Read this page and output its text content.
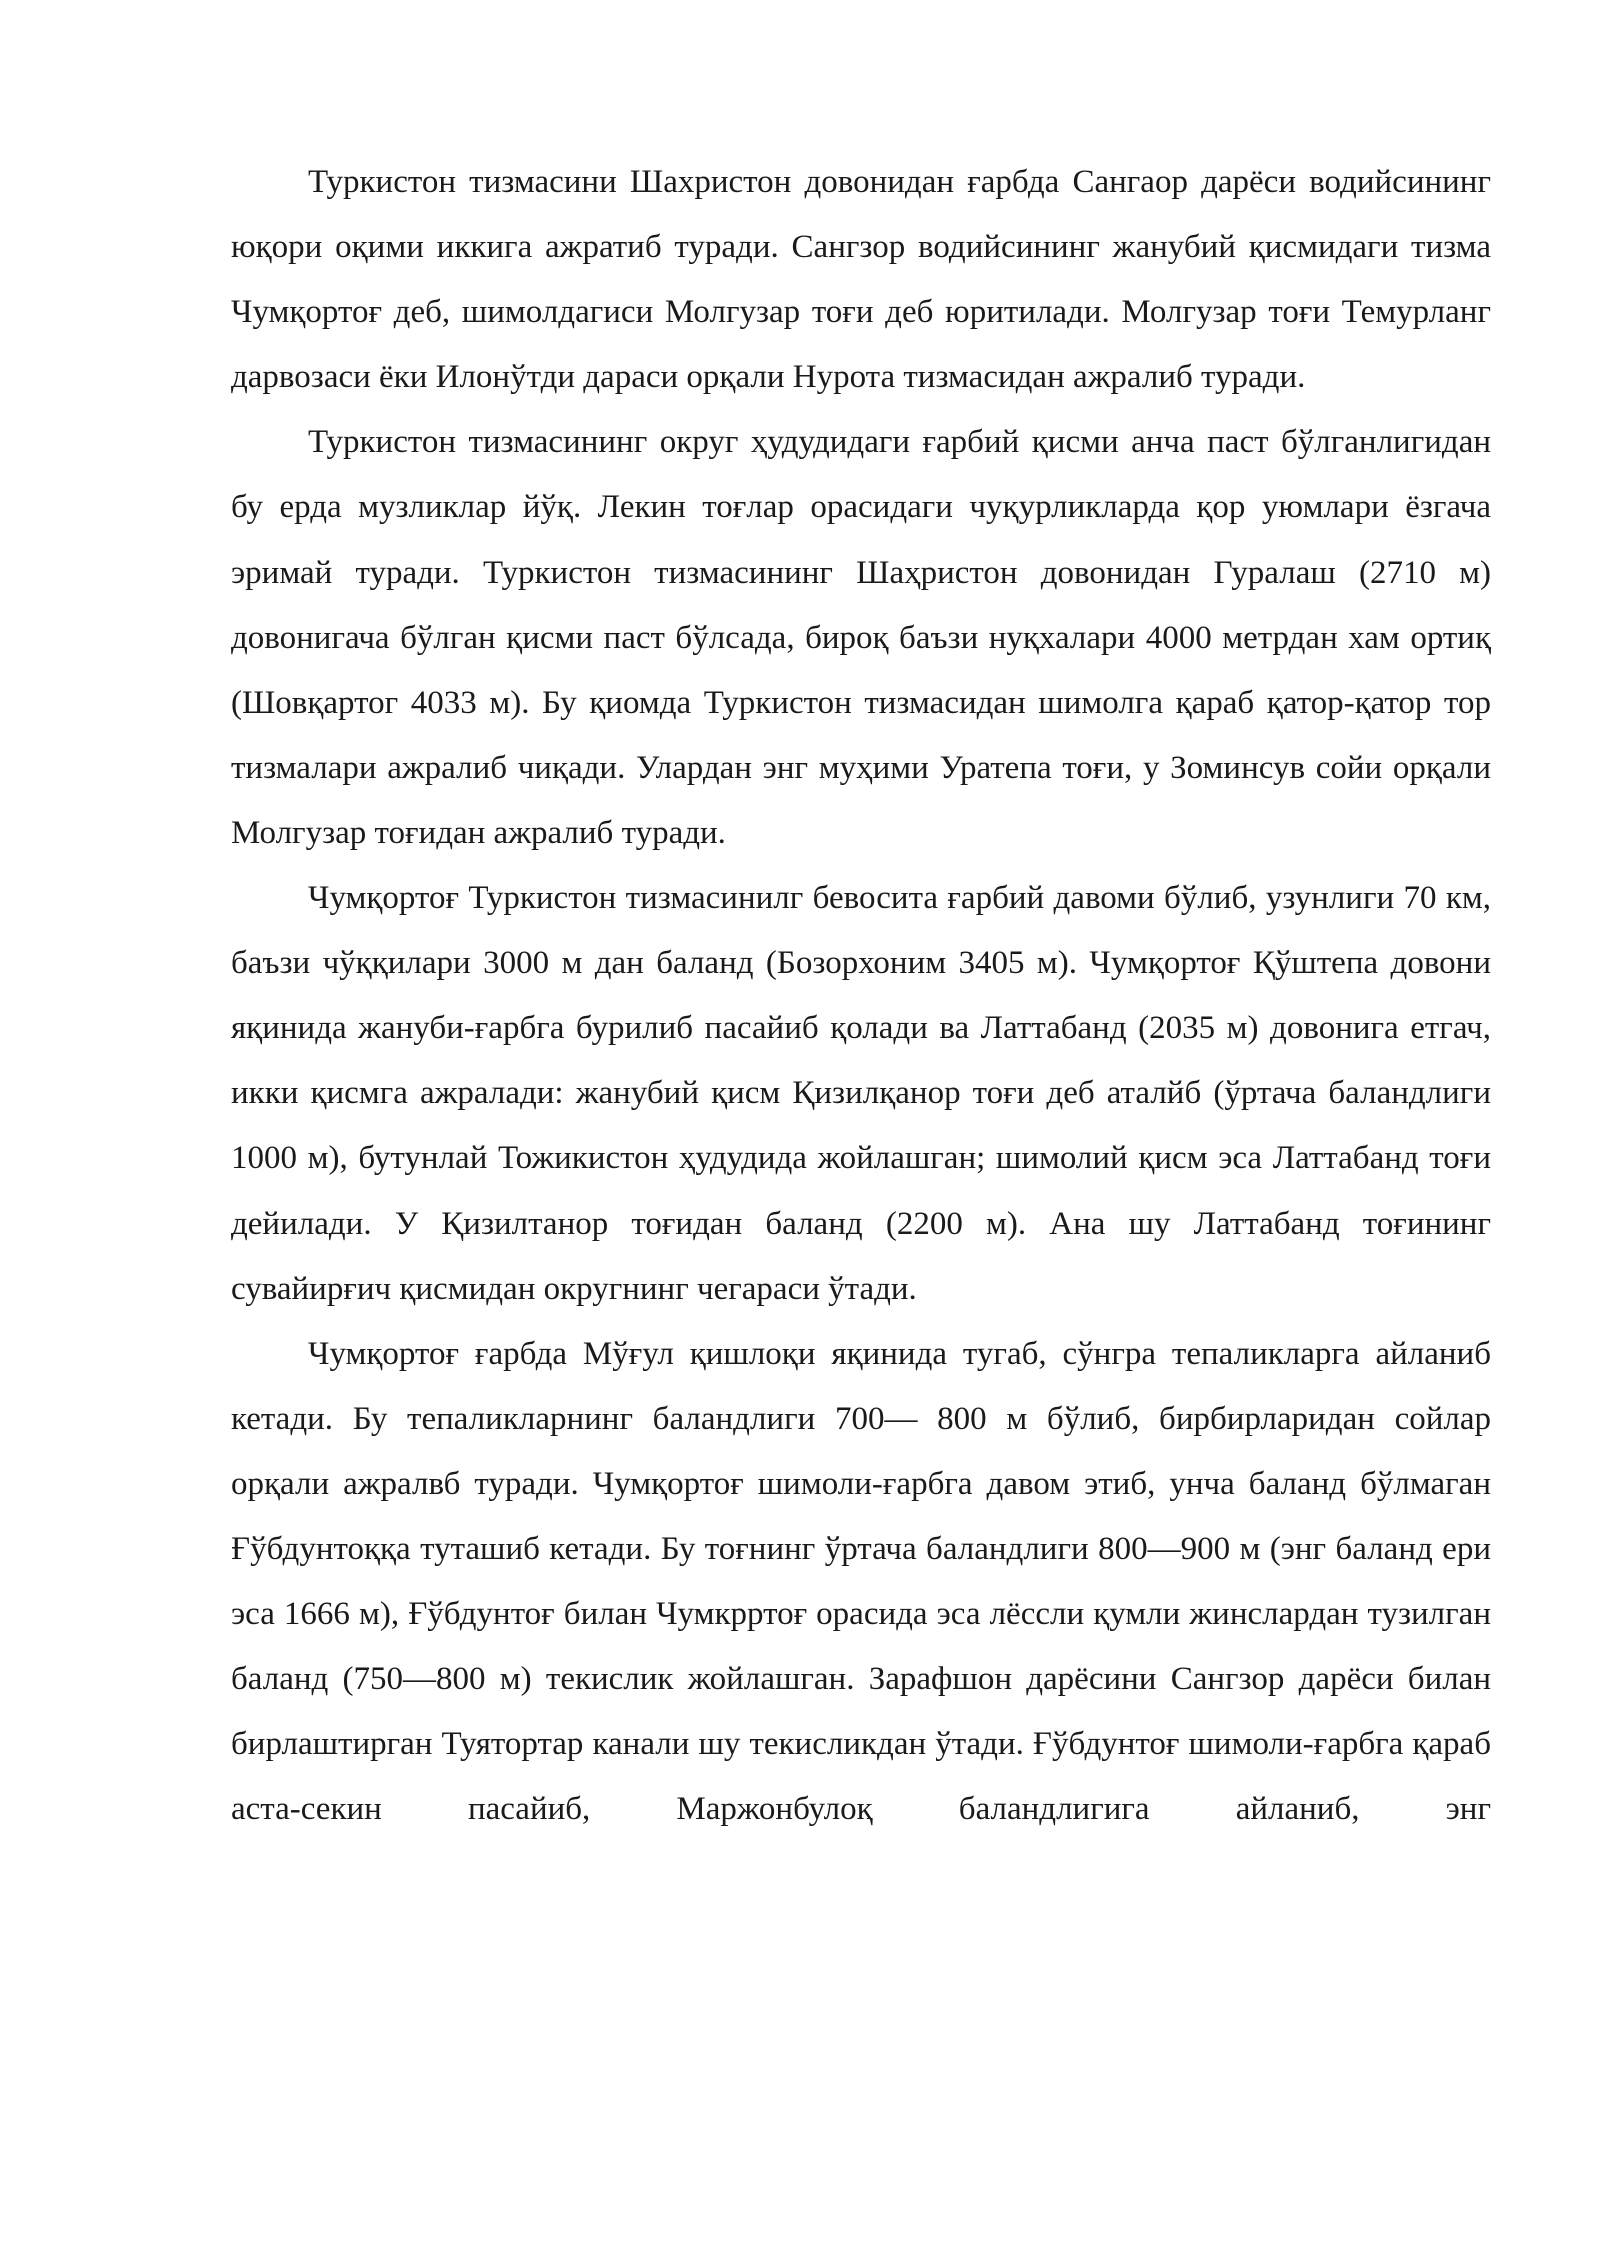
Туркистон тизмасини Шахристон довонидан ғарбда Сангаор дарёси водийсининг юқори оқими иккига ажратиб туради. Сангзор водийсининг жанубий қисмидаги тизма Чумқортоғ деб, шимолдагиси Молгузар тоғи деб юритилади. Молгузар тоғи Темурланг дарвозаси ёки Илонўтди дараси орқали Нурота тизмасидан ажралиб туради.

Туркистон тизмасининг округ ҳудудидаги ғарбий қисми анча паст бўлганлигидан бу ерда музликлар йўқ. Лекин тоғлар орасидаги чуқурликларда қор уюмлари ёзгача эримай туради. Туркистон тизмасининг Шаҳристон довонидан Гуралаш (2710 м) довонигача бўлган қисми паст бўлсада, бироқ баъзи нуқхалари 4000 метрдан хам ортиқ (Шовқартог 4033 м). Бу қиомда Туркистон тизмасидан шимолга қараб қатор-қатор тор тизмалари ажралиб чиқади. Улардан энг муҳими Уратепа тоғи, у Зоминсув сойи орқали Молгузар тоғидан ажралиб туради.

Чумқортоғ Туркистон тизмасинилг бевосита ғарбий давоми бўлиб, узунлиги 70 км, баъзи чўққилари 3000 м дан баланд (Бозорхоним 3405 м). Чумқортоғ Қўштепа довони яқинида жануби-ғарбга бурилиб пасайиб қолади ва Латтабанд (2035 м) довонига етгач, икки қисмга ажралади: жанубий қисм Қизилқанор тоғи деб аталйб (ўртача баландлиги 1000 м), бутунлай Тожикистон ҳудудида жойлашган; шимолий қисм эса Латтабанд тоғи дейилади. У Қизилтанор тоғидан баланд (2200 м). Ана шу Латтабанд тоғининг сувайирғич қисмидан округнинг чегараси ўтади.

Чумқортоғ ғарбда Мўғул қишлоқи яқинида тугаб, сўнгра тепаликларга айланиб кетади. Бу тепаликларнинг баландлиги 700— 800 м бўлиб, бирбирларидан сойлар орқали ажралвб туради. Чумқортоғ шимоли-ғарбга давом этиб, унча баланд бўлмаган Ғўбдунтоққа туташиб кетади. Бу тоғнинг ўртача баландлиги 800—900 м (энг баланд ери эса 1666 м), Ғўбдунтоғ билан Чумкрртоғ орасида эса лёссли қумли жинслардан тузилган баланд (750—800 м) текислик жойлашган. Зарафшон дарёсини Сангзор дарёси билан бирлаштирган Туятортар канали шу текисликдан ўтади. Ғўбдунтоғ шимоли-ғарбга қараб аста-секин пасайиб, Маржонбулоқ баландлигига айланиб, энг
